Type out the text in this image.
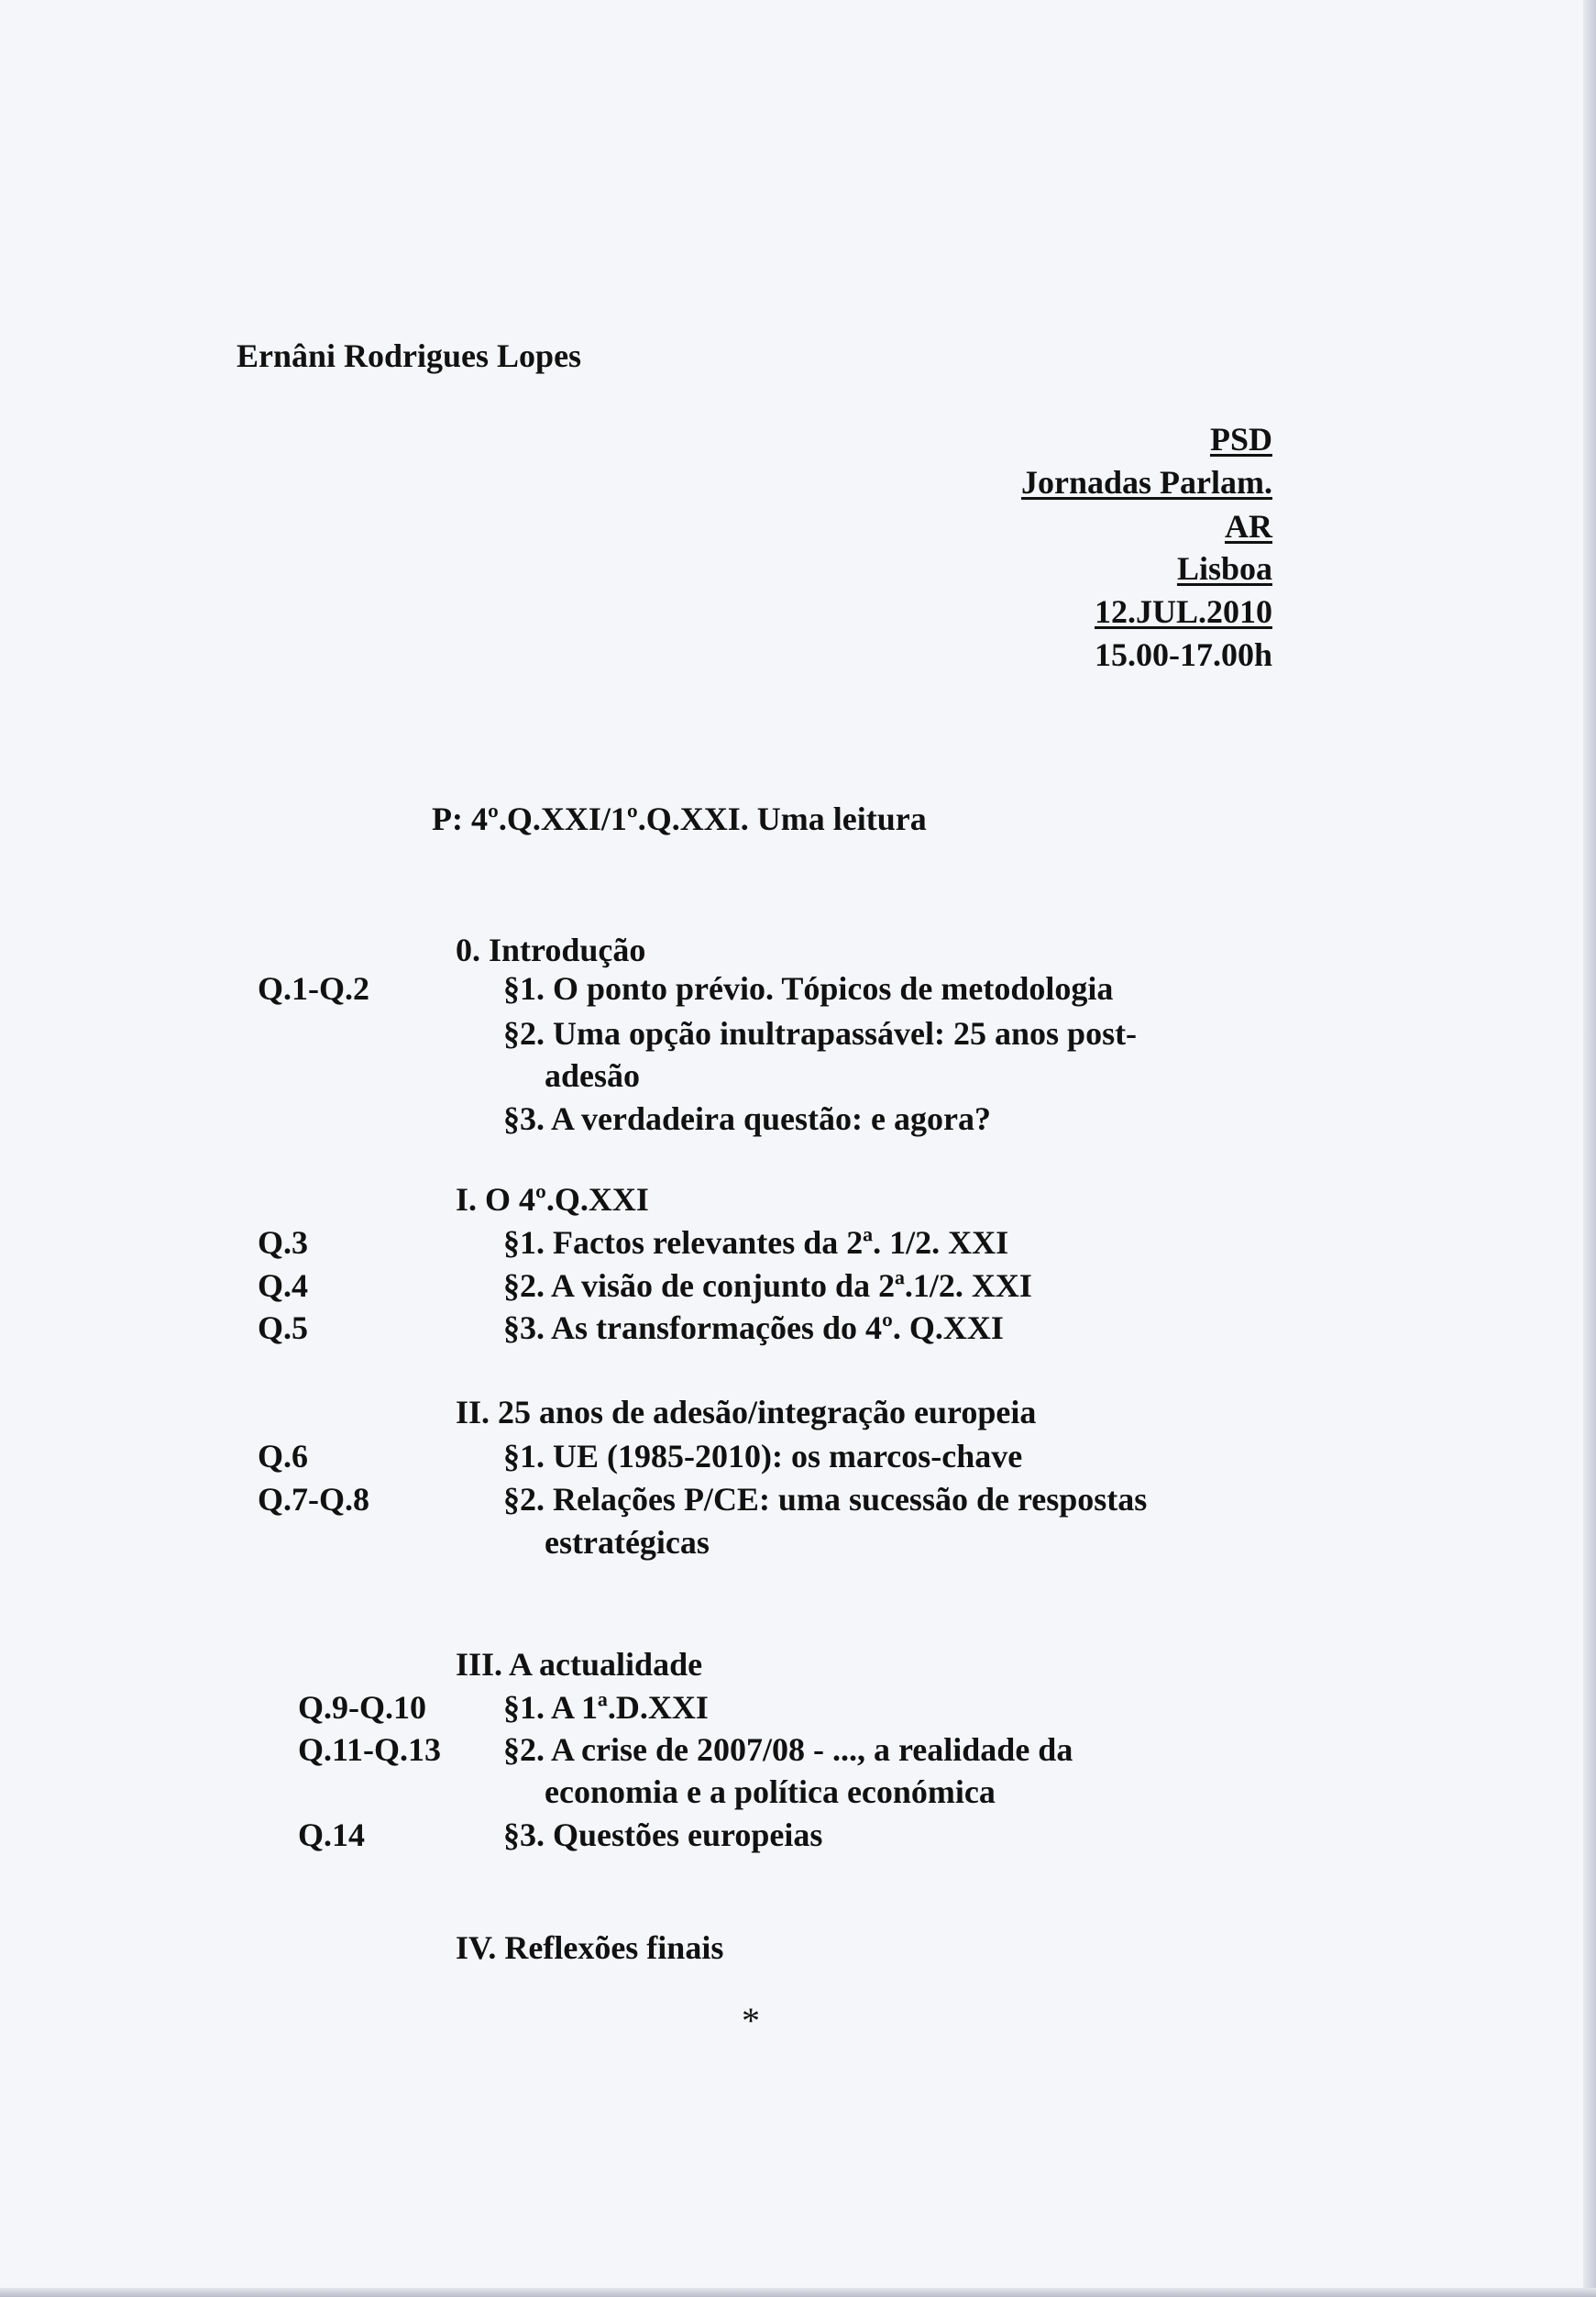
Ernâni Rodrigues Lopes
PSD
Jornadas Parlam.
AR
Lisboa
12.JUL.2010
15.00-17.00h
P: 4º.Q.XXI/1º.Q.XXI. Uma leitura
0. Introdução
Q.1-Q.2	§1. O ponto prévio. Tópicos de metodologia
§2. Uma opção inultrapassável: 25 anos post-
adesão
§3. A verdadeira questão: e agora?
I. O 4º.Q.XXI
Q.3	§1. Factos relevantes da 2ª. 1/2. XXI
Q.4	§2. A visão de conjunto da 2ª.1/2. XXI
Q.5	§3. As transformações do 4º. Q.XXI
II. 25 anos de adesão/integração europeia
Q.6	§1. UE (1985-2010): os marcos-chave
Q.7-Q.8	§2. Relações P/CE: uma sucessão de respostas
estratégicas
III. A actualidade
Q.9-Q.10 §1. A 1ª.D.XXI
Q.11-Q.13 §2. A crise de 2007/08 - ..., a realidade da
economia e a política económica
Q.14	§3. Questões europeias
IV. Reflexões finais
*
